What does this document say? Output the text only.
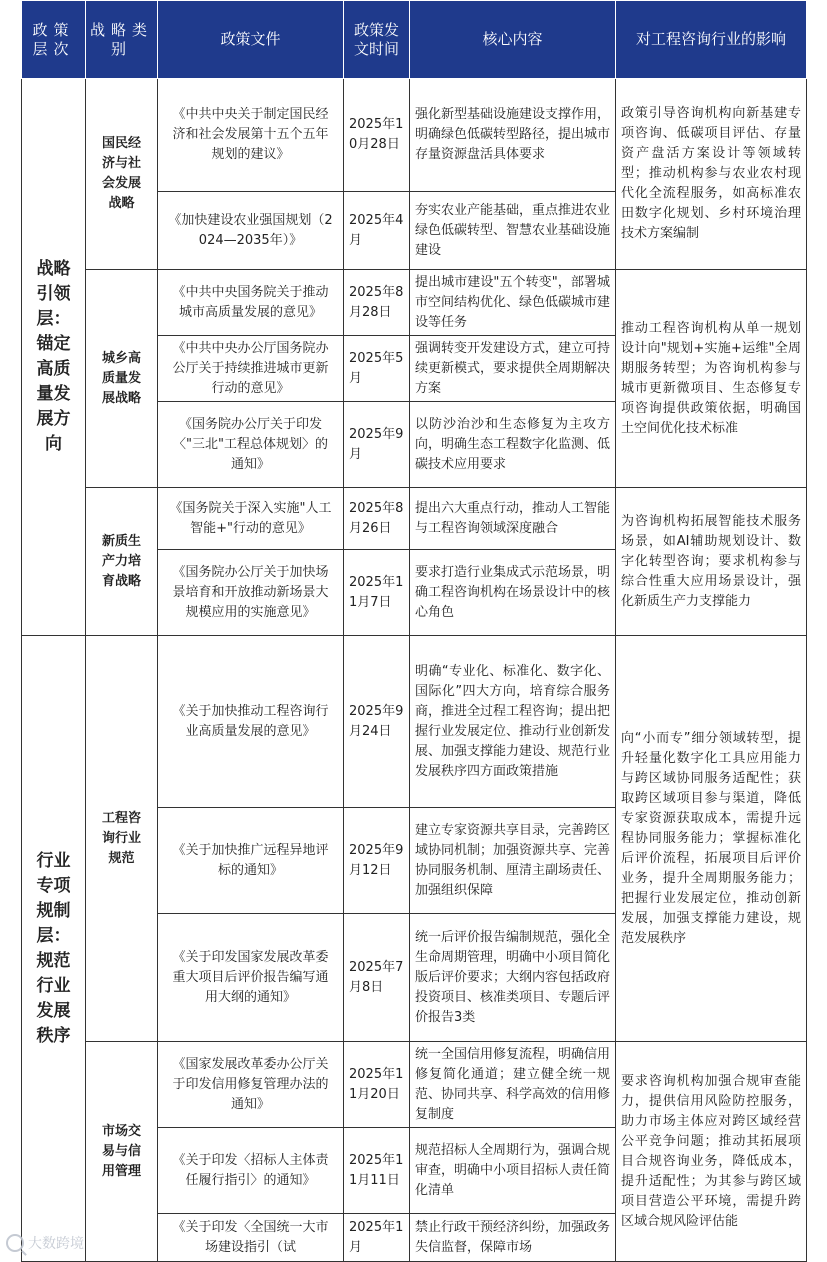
政策层次	战略类别	政策文件	政策发文时间	核心内容	对工程咨询行业的影响
战略引领层：锚定高质量发展方向	国民经济与社会发展战略	《中共中央关于制定国民经济和社会发展第十五个五年规划的建议》	2025年10月28日	强化新型基础设施建设支撑作用，明确绿色低碳转型路径，提出城市存量资源盘活具体要求	政策引导咨询机构向新基建专项咨询、低碳项目评估、存量资产盘活方案设计等领域转型；推动机构参与农业农村现代化全流程服务，如高标准农田数字化规划、乡村环境治理技术方案编制
		《加快建设农业强国规划（2024—2035年）》	2025年4月	夯实农业产能基础，重点推进农业绿色低碳转型、智慧农业基础设施建设	
	城乡高质量发展战略	《中共中央国务院关于推动城市高质量发展的意见》	2025年8月28日	提出城市建设"五个转变"，部署城市空间结构优化、绿色低碳城市建设等任务	推动工程咨询机构从单一规划设计向"规划+实施+运维"全周期服务转型；为咨询机构参与城市更新微项目、生态修复专项咨询提供政策依据，明确国土空间优化技术标准
		《中共中央办公厅国务院办公厅关于持续推进城市更新行动的意见》	2025年5月	强调转变开发建设方式，建立可持续更新模式，要求提供全周期解决方案	
		《国务院办公厅关于印发〈"三北"工程总体规划〉的通知》	2025年9月	以防沙治沙和生态修复为主攻方向，明确生态工程数字化监测、低碳技术应用要求	
	新质生产力培育战略	《国务院关于深入实施"人工智能+"行动的意见》	2025年8月26日	提出六大重点行动，推动人工智能与工程咨询领域深度融合	为咨询机构拓展智能技术服务场景，如AI辅助规划设计、数字化转型咨询；要求机构参与综合性重大应用场景设计，强化新质生产力支撑能力
		《国务院办公厅关于加快场景培育和开放推动新场景大规模应用的实施意见》	2025年11月7日	要求打造行业集成式示范场景，明确工程咨询机构在场景设计中的核心角色	
行业专项规制层：规范行业发展秩序	工程咨询行业规范	《关于加快推动工程咨询行业高质量发展的意见》	2025年9月24日	明确“专业化、标准化、数字化、国际化”四大方向，培育综合服务商，推进全过程工程咨询；提出把握行业发展定位、推动行业创新发展、加强支撑能力建设、规范行业发展秩序四方面政策措施	向“小而专”细分领域转型，提升轻量化数字化工具应用能力与跨区域协同服务适配性；获取跨区域项目参与渠道，降低专家资源获取成本，需提升远程协同服务能力；掌握标准化后评价流程，拓展项目后评价业务，提升全周期服务能力；把握行业发展定位，推动创新发展，加强支撑能力建设，规范发展秩序
		《关于加快推广远程异地评标的通知》	2025年9月12日	建立专家资源共享目录，完善跨区域协同机制；加强资源共享、完善协同服务机制、厘清主副场责任、加强组织保障	
		《关于印发国家发展改革委重大项目后评价报告编写通用大纲的通知》	2025年7月8日	统一后评价报告编制规范，强化全生命周期管理，明确中小项目简化版后评价要求；大纲内容包括政府投资项目、核准类项目、专题后评价报告3类	
	市场交易与信用管理	《国家发展改革委办公厅关于印发信用修复管理办法的通知》	2025年11月20日	统一全国信用修复流程，明确信用修复简化通道；建立健全统一规范、协同共享、科学高效的信用修复制度	要求咨询机构加强合规审查能力，提供信用风险防控服务，助力市场主体应对跨区域经营公平竞争问题；推动其拓展项目合规咨询业务，降低成本，提升适配性；为其参与跨区域项目营造公平环境，需提升跨区域合规风险评估能
		《关于印发〈招标人主体责任履行指引〉的通知》	2025年11月11日	规范招标人全周期行为，强调合规审查，明确中小项目招标人责任简化清单	
		《关于印发〈全国统一大市场建设指引（试	2025年1月	禁止行政干预经济纠纷，加强政务失信监督，保障市场	
大数跨境
